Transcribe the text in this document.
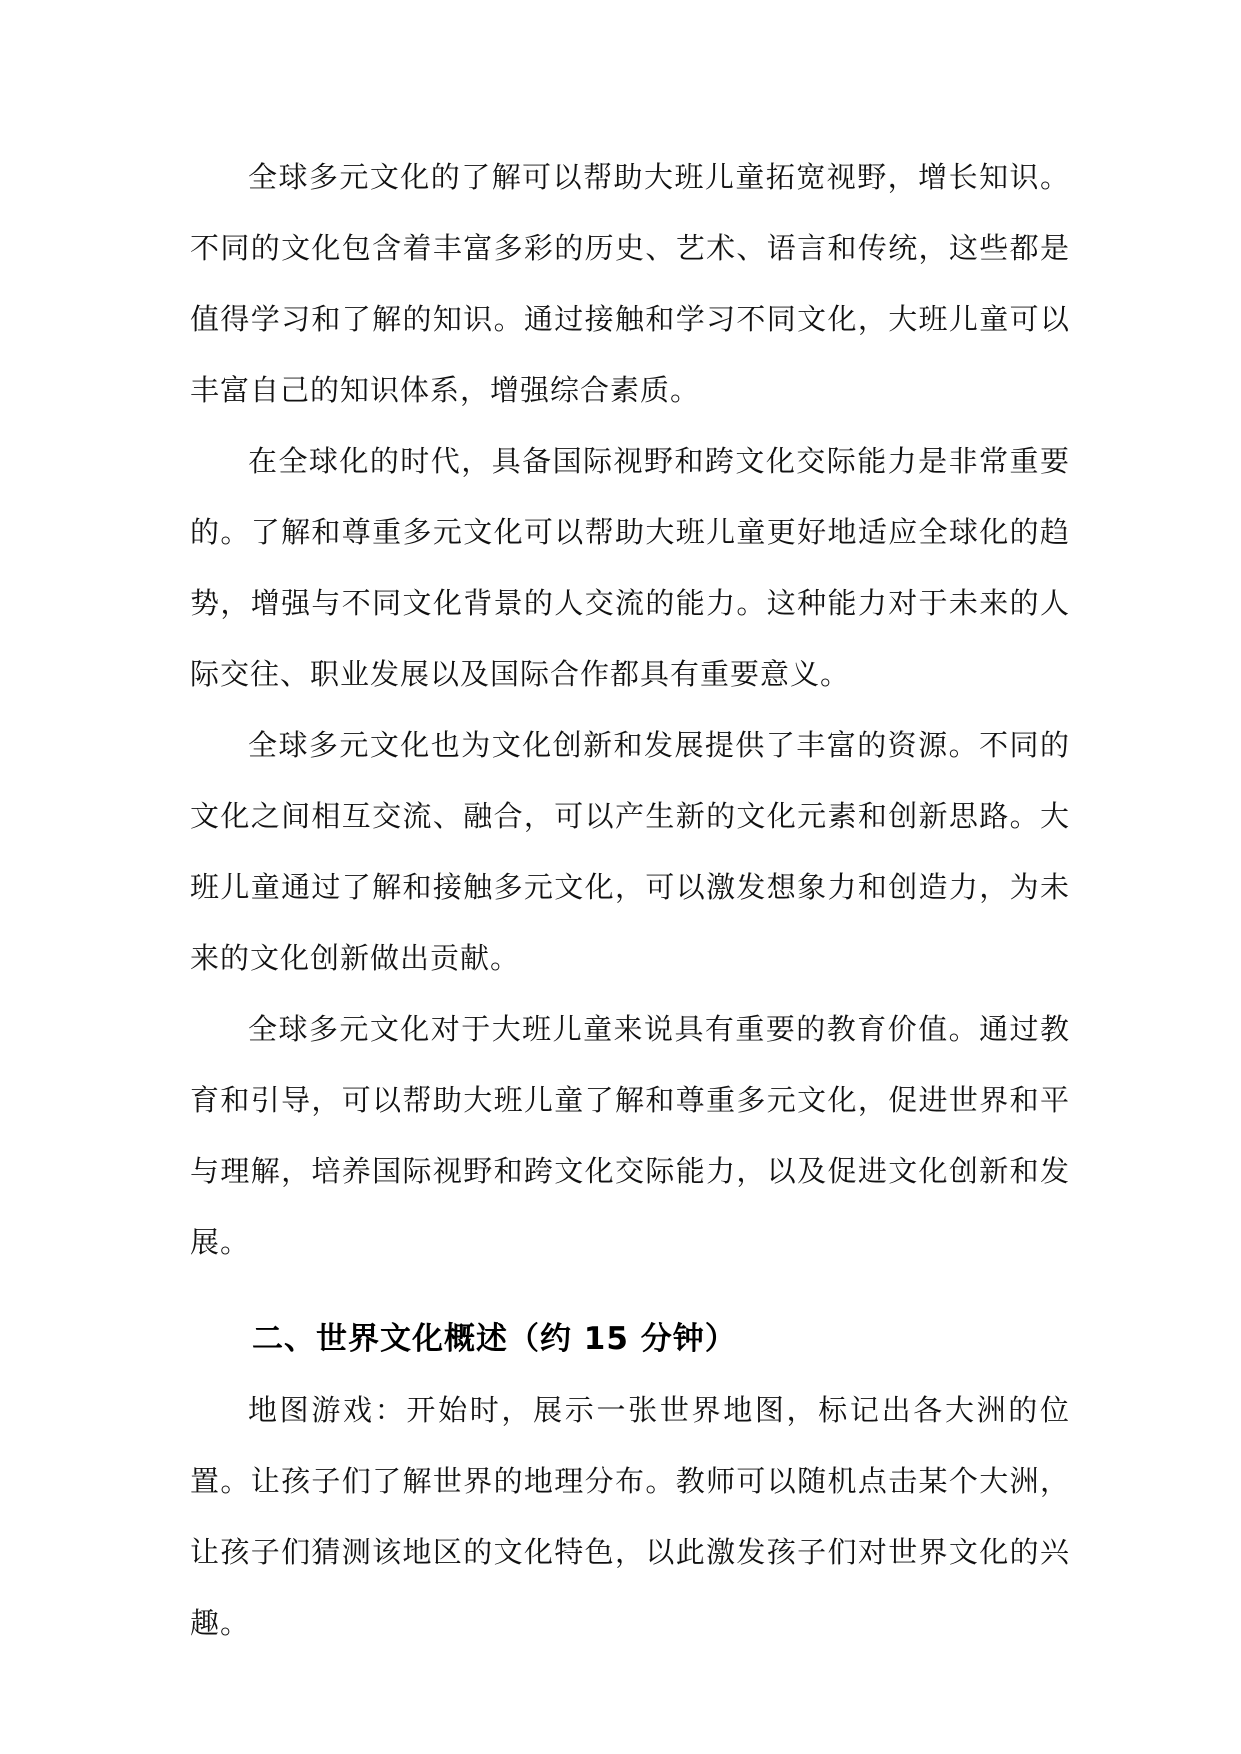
全球多元文化的了解可以帮助大班儿童拓宽视野，增长知识。不同的文化包含着丰富多彩的历史、艺术、语言和传统，这些都是值得学习和了解的知识。通过接触和学习不同文化，大班儿童可以丰富自己的知识体系，增强综合素质。

在全球化的时代，具备国际视野和跨文化交际能力是非常重要的。了解和尊重多元文化可以帮助大班儿童更好地适应全球化的趋势，增强与不同文化背景的人交流的能力。这种能力对于未来的人际交往、职业发展以及国际合作都具有重要意义。

全球多元文化也为文化创新和发展提供了丰富的资源。不同的文化之间相互交流、融合，可以产生新的文化元素和创新思路。大班儿童通过了解和接触多元文化，可以激发想象力和创造力，为未来的文化创新做出贡献。

全球多元文化对于大班儿童来说具有重要的教育价值。通过教育和引导，可以帮助大班儿童了解和尊重多元文化，促进世界和平与理解，培养国际视野和跨文化交际能力，以及促进文化创新和发展。

二、世界文化概述（约 15 分钟）

地图游戏：开始时，展示一张世界地图，标记出各大洲的位置。让孩子们了解世界的地理分布。教师可以随机点击某个大洲，让孩子们猜测该地区的文化特色，以此激发孩子们对世界文化的兴趣。
